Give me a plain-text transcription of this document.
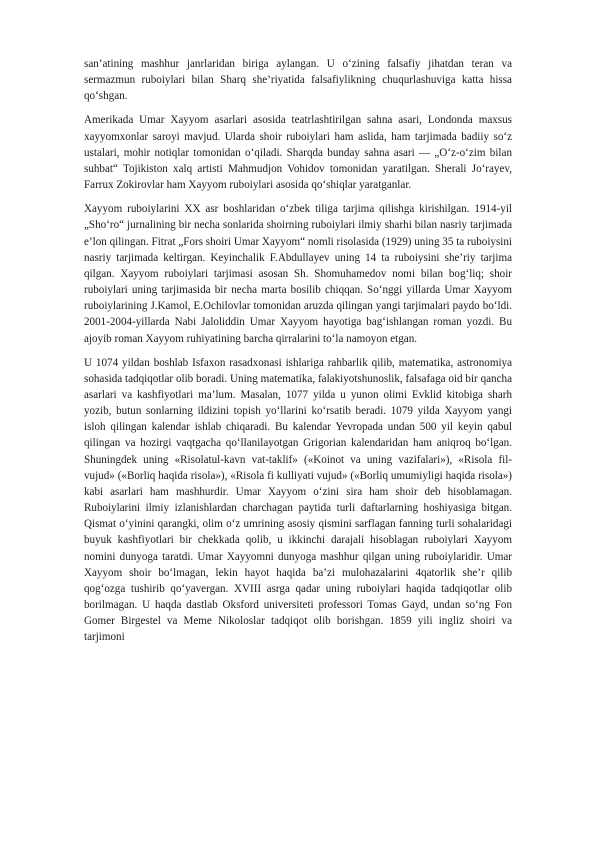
san’atining mashhur janrlaridan biriga aylangan. U o‘zining falsafiy jihatdan teran va sermazmun ruboiylari bilan Sharq she’riyatida falsafiylikning chuqurlashuviga katta hissa qo‘shgan.

Amerikada Umar Xayyom asarlari asosida teatrlashtirilgan sahna asari, Londonda maxsus xayyomxonlar saroyi mavjud. Ularda shoir ruboiylari ham aslida, ham tarjimada badiiy so‘z ustalari, mohir notiqlar tomonidan o‘qiladi. Sharqda bunday sahna asari — „O‘z-o‘zim bilan suhbat“ Tojikiston xalq artisti Mahmudjon Vohidov tomonidan yaratilgan. Sherali Jo‘rayev, Farrux Zokirovlar ham Xayyom ruboiylari asosida qo‘shiqlar yaratganlar.

Xayyom ruboiylarini XX asr boshlaridan o‘zbek tiliga tarjima qilishga kirishilgan. 1914-yil „Sho‘ro“ jurnalining bir necha sonlarida shoirning ruboiylari ilmiy sharhi bilan nasriy tarjimada e’lon qilingan. Fitrat „Fors shoiri Umar Xayyom“ nomli risolasida (1929) uning 35 ta ruboiysini nasriy tarjimada keltirgan. Keyinchalik F.Abdullayev uning 14 ta ruboiysini she’riy tarjima qilgan. Xayyom ruboiylari tarjimasi asosan Sh. Shomuhamedov nomi bilan bog‘liq; shoir ruboiylari uning tarjimasida bir necha marta bosilib chiqqan. So‘nggi yillarda Umar Xayyom ruboiylarining J.Kamol, E.Ochilovlar tomonidan aruzda qilingan yangi tarjimalari paydo bo‘ldi. 2001-2004-yillarda Nabi Jaloliddin Umar Xayyom hayotiga bag‘ishlangan roman yozdi. Bu ajoyib roman Xayyom ruhiyatining barcha qirralarini to‘la namoyon etgan.

U 1074 yildan boshlab Isfaxon rasadxonasi ishlariga rahbarlik qilib, matematika, astronomiya sohasida tadqiqotlar olib boradi. Uning matematika, falakiyotshunoslik, falsafaga oid bir qancha asarlari va kashfiyotlari ma’lum. Masalan, 1077 yilda u yunon olimi Evklid kitobiga sharh yozib, butun sonlarning ildizini topish yo‘llarini ko‘rsatib beradi. 1079 yilda Xayyom yangi isloh qilingan kalendar ishlab chiqaradi. Bu kalendar Yevropada undan 500 yil keyin qabul qilingan va hozirgi vaqtgacha qo‘llanilayotgan Grigorian kalendaridan ham aniqroq bo‘lgan. Shuningdek uning «Risolatul-kavn vat-taklif» («Koinot va uning vazifalari»), «Risola fil-vujud» («Borliq haqida risola»), «Risola fi kulliyati vujud» («Borliq umumiyligi haqida risola») kabi asarlari ham mashhurdir. Umar Xayyom o‘zini sira ham shoir deb hisoblamagan. Ruboiylarini ilmiy izlanishlardan charchagan paytida turli daftarlarning hoshiyasiga bitgan. Qismat o‘yinini qarangki, olim o‘z umrining asosiy qismini sarflagan fanning turli sohalaridagi buyuk kashfiyotlari bir chekkada qolib, u ikkinchi darajali hisoblagan ruboiylari Xayyom nomini dunyoga taratdi. Umar Xayyomni dunyoga mashhur qilgan uning ruboiylaridir. Umar Xayyom shoir bo‘lmagan, lekin hayot haqida ba’zi mulohazalarini 4qatorlik she’r qilib qog‘ozga tushirib qo‘yavergan. XVIII asrga qadar uning ruboiylari haqida tadqiqotlar olib borilmagan. U haqda dastlab Oksford universiteti professori Tomas Gayd, undan so‘ng Fon Gomer Birgestel va Meme Nikoloslar tadqiqot olib borishgan. 1859 yili ingliz shoiri va tarjimoni
